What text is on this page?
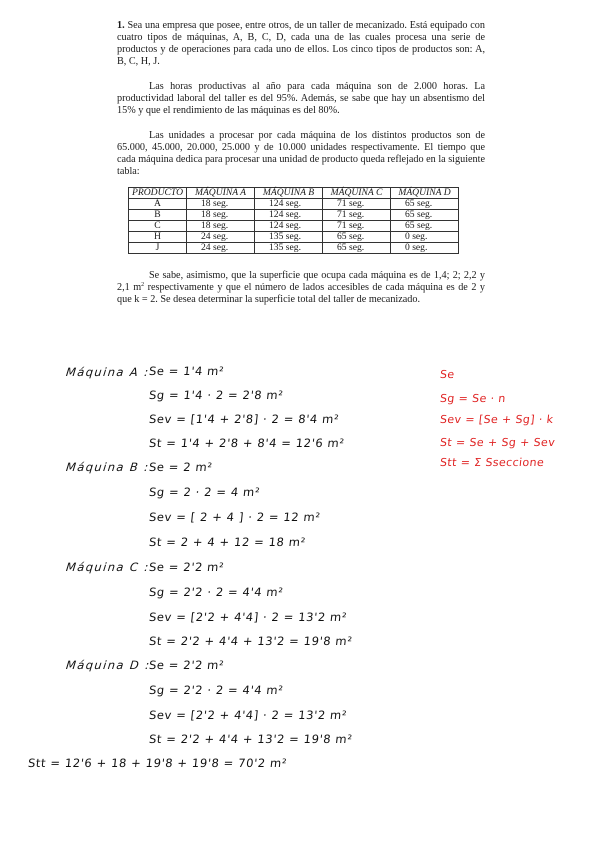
1. Sea una empresa que posee, entre otros, de un taller de mecanizado. Está equipado con cuatro tipos de máquinas, A, B, C, D, cada una de las cuales procesa una serie de productos y de operaciones para cada uno de ellos. Los cinco tipos de productos son: A, B, C, H, J.

Las horas productivas al año para cada máquina son de 2.000 horas. La productividad laboral del taller es del 95%. Además, se sabe que hay un absentismo del 15% y que el rendimiento de las máquinas es del 80%.

Las unidades a procesar por cada máquina de los distintos productos son de 65.000, 45.000, 20.000, 25.000 y de 10.000 unidades respectivamente. El tiempo que cada máquina dedica para procesar una unidad de producto queda reflejado en la siguiente tabla:

PRODUCTO	MÁQUINA A	MÁQUINA B	MÁQUINA C	MÁQUINA D
A	18 seg.	124 seg.	71 seg.	65 seg.
B	18 seg.	124 seg.	71 seg.	65 seg.
C	18 seg.	124 seg.	71 seg.	65 seg.
H	24 seg.	135 seg.	65 seg.	0 seg.
J	24 seg.	135 seg.	65 seg.	0 seg.

Se sabe, asimismo, que la superficie que ocupa cada máquina es de 1,4; 2; 2,2 y 2,1 $m^2$ respectivamente y que el número de lados accesibles de cada máquina es de 2 y que k = 2. Se desea determinar la superficie total del taller de mecanizado.

Máquina A :
Se = 1'4 m²
Sg = 1'4 · 2 = 2'8 m²
Sev = [1'4 + 2'8] · 2 = 8'4 m²
St = 1'4 + 2'8 + 8'4 = 12'6 m²
Máquina B :
Se = 2 m²
Sg = 2 · 2 = 4 m²
Sev = [ 2 + 4 ] · 2 = 12 m²
St = 2 + 4 + 12 = 18 m²
Máquina C :
Se = 2'2 m²
Sg = 2'2 · 2 = 4'4 m²
Sev = [2'2 + 4'4] · 2 = 13'2 m²
St = 2'2 + 4'4 + 13'2 = 19'8 m²
Máquina D :
Se = 2'2 m²
Sg = 2'2 · 2 = 4'4 m²
Sev = [2'2 + 4'4] · 2 = 13'2 m²
St = 2'2 + 4'4 + 13'2 = 19'8 m²
Stt = 12'6 + 18 + 19'8 + 19'8 = 70'2 m²
Se
Sg = Se · n
Sev = [Se + Sg] · k
St = Se + Sg + Sev
Stt = Σ Sseccione
